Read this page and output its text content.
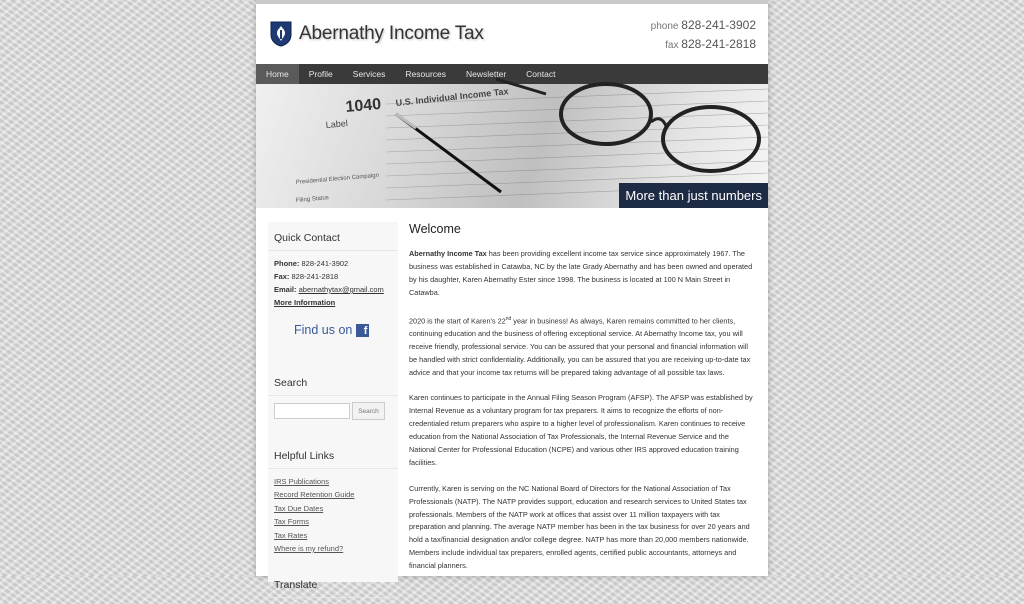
Abernathy Income Tax	phone 828-241-3902
fax 828-241-2818
Home	Profile	Services	Resources	Newsletter	Contact
1040 U.S. Individual Income Tax
Label
Presidential Election Campaign
Filing Status	More than just numbers
Quick Contact
Phone: 828-241-3902
Fax: 828-241-2818
Email: abernathytax@gmail.com
More Information
Find us on	f
Search
Search
Helpful Links
IRS Publications
Record Retention Guide
Tax Due Dates
Tax Forms
Tax Rates
Where is my refund?
Translate
Welcome

Abernathy Income Tax has been providing excellent income tax service since approximately 1967. The business was established in Catawba, NC by the late Grady Abernathy and has been owned and operated by his daughter, Karen Abernathy Ester since 1998. The business is located at 100 N Main Street in Catawba.

2020 is the start of Karen's 22nd year in business! As always, Karen remains committed to her clients, continuing education and the business of offering exceptional service. At Abernathy Income tax, you will receive friendly, professional service. You can be assured that your personal and financial information will be handled with strict confidentiality. Additionally, you can be assured that you are receiving up-to-date tax advice and that your income tax returns will be prepared taking advantage of all possible tax laws.

Karen continues to participate in the Annual Filing Season Program (AFSP). The AFSP was established by Internal Revenue as a voluntary program for tax preparers. It aims to recognize the efforts of non-credentialed return preparers who aspire to a higher level of professionalism. Karen continues to receive education from the National Association of Tax Professionals, the Internal Revenue Service and the National Center for Professional Education (NCPE) and various other IRS approved education training facilities.

Currently, Karen is serving on the NC National Board of Directors for the National Association of Tax Professionals (NATP). The NATP provides support, education and research services to United States tax professionals. Members of the NATP work at offices that assist over 11 million taxpayers with tax preparation and planning. The average NATP member has been in the tax business for over 20 years and hold a tax/financial designation and/or college degree. NATP has more than 20,000 members nationwide. Members include individual tax preparers, enrolled agents, certified public accountants, attorneys and financial planners.
